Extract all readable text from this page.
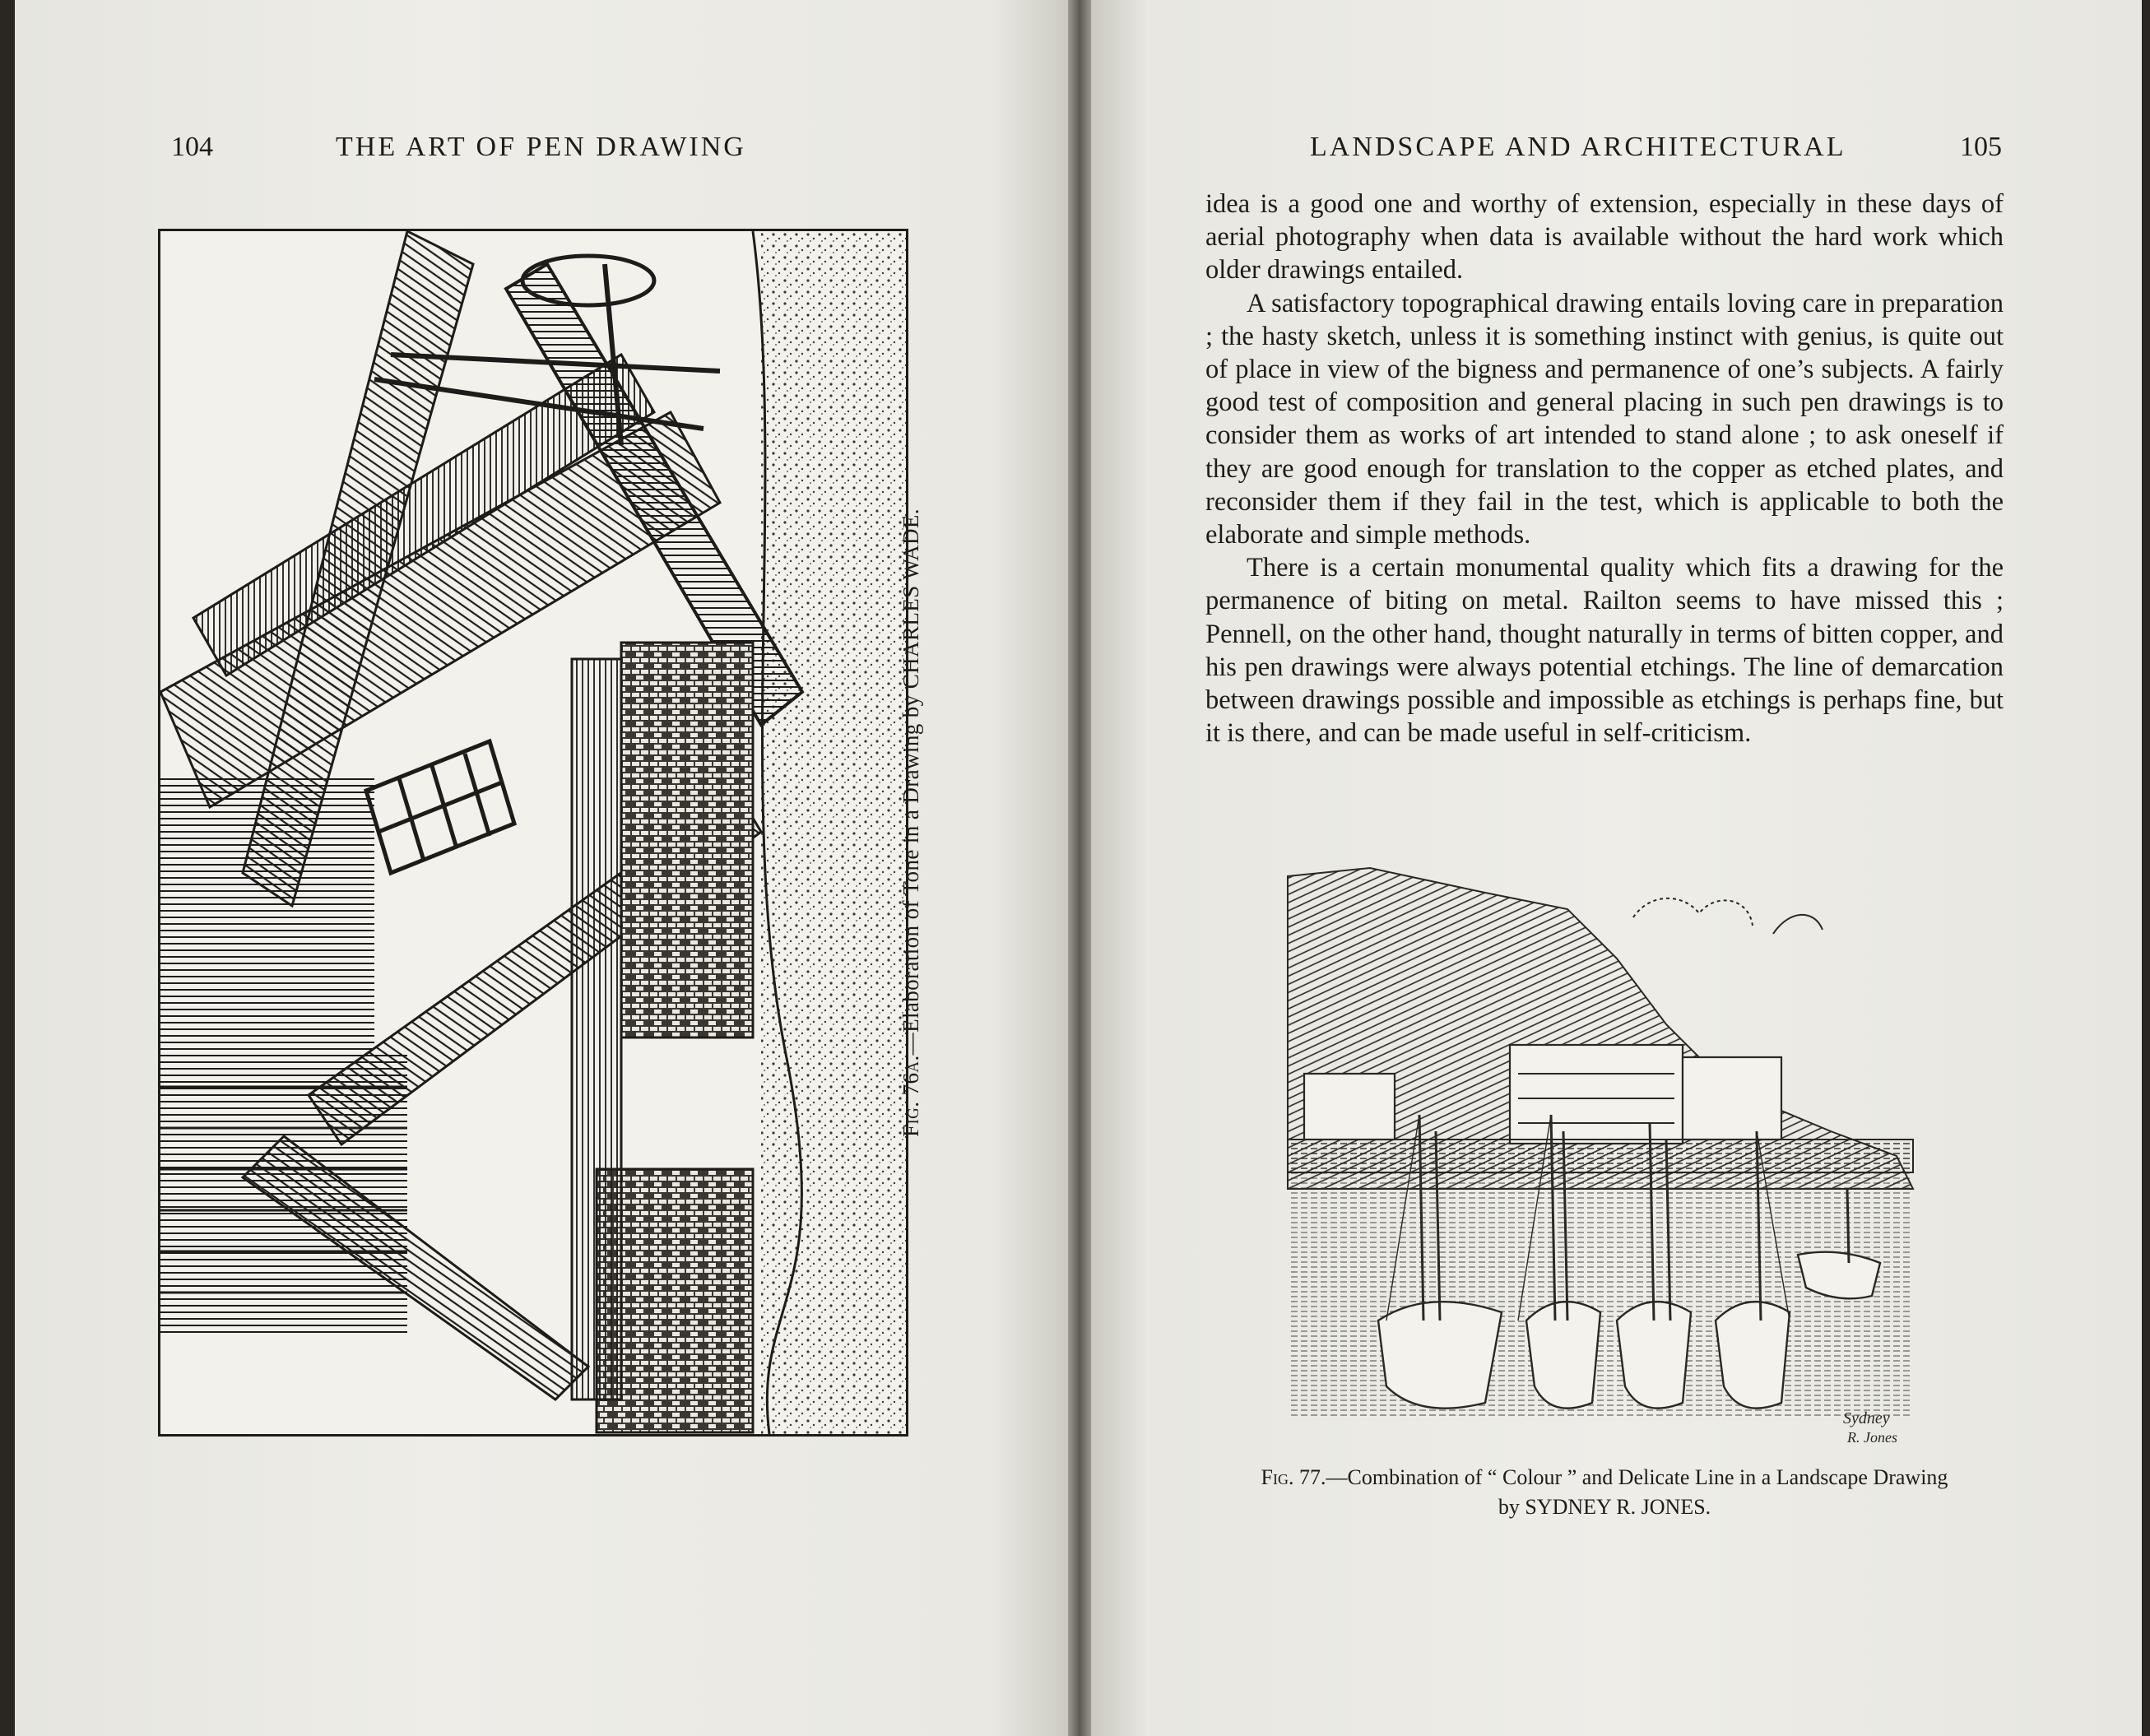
104	THE ART OF PEN DRAWING
Fig. 76a.—Elaboration of Tone in a Drawing by CHARLES WADE.
LANDSCAPE AND ARCHITECTURAL	105

idea is a good one and worthy of extension, especially in these days of aerial photography when data is available without the hard work which older drawings entailed.

A satisfactory topographical drawing entails loving care in preparation ; the hasty sketch, unless it is something instinct with genius, is quite out of place in view of the bigness and permanence of one’s subjects. A fairly good test of composition and general placing in such pen drawings is to consider them as works of art intended to stand alone ; to ask oneself if they are good enough for translation to the copper as etched plates, and reconsider them if they fail in the test, which is applicable to both the elaborate and simple methods.

There is a certain monumental quality which fits a drawing for the permanence of biting on metal. Railton seems to have missed this ; Pennell, on the other hand, thought naturally in terms of bitten copper, and his pen drawings were always potential etchings. The line of demarcation between drawings possible and impossible as etchings is perhaps fine, but it is there, and can be made useful in self-criticism.

Sydney
R. Jones
Fig. 77.—Combination of “ Colour ” and Delicate Line in a Landscape Drawing
by SYDNEY R. JONES.
